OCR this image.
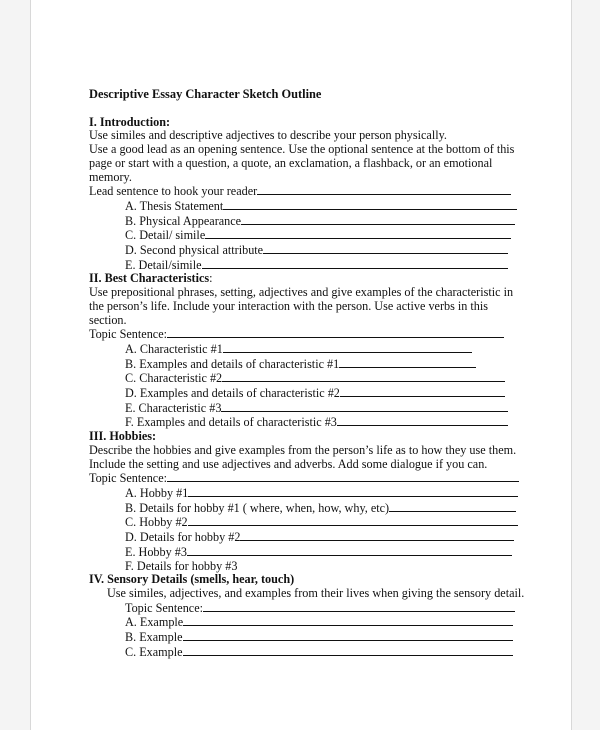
Descriptive Essay Character Sketch Outline
I. Introduction:
Use similes and descriptive adjectives to describe your person physically.
Use a good lead as an opening sentence. Use the optional sentence at the bottom of this
page or start with a question, a quote, an exclamation, a flashback, or an emotional
memory.
Lead sentence to hook your reader
A. Thesis Statement
B. Physical Appearance
C. Detail/ simile
D. Second physical attribute
E. Detail/simile
II. Best Characteristics:
Use prepositional phrases, setting, adjectives and give examples of the characteristic in
the person’s life. Include your interaction with the person. Use active verbs in this
section.
Topic Sentence:
A. Characteristic #1
B. Examples and details of characteristic #1
C. Characteristic #2
D. Examples and details of characteristic #2
E. Characteristic #3
F. Examples and details of characteristic #3
III. Hobbies:
Describe the hobbies and give examples from the person’s life as to how they use them.
Include the setting and use adjectives and adverbs. Add some dialogue if you can.
Topic Sentence:
A. Hobby #1
B. Details for hobby #1 ( where, when, how, why, etc)
C. Hobby #2
D. Details for hobby #2
E. Hobby #3
F. Details for hobby #3
IV. Sensory Details (smells, hear, touch)
Use similes, adjectives, and examples from their lives when giving the sensory detail.
Topic Sentence:
A. Example
B. Example
C. Example
